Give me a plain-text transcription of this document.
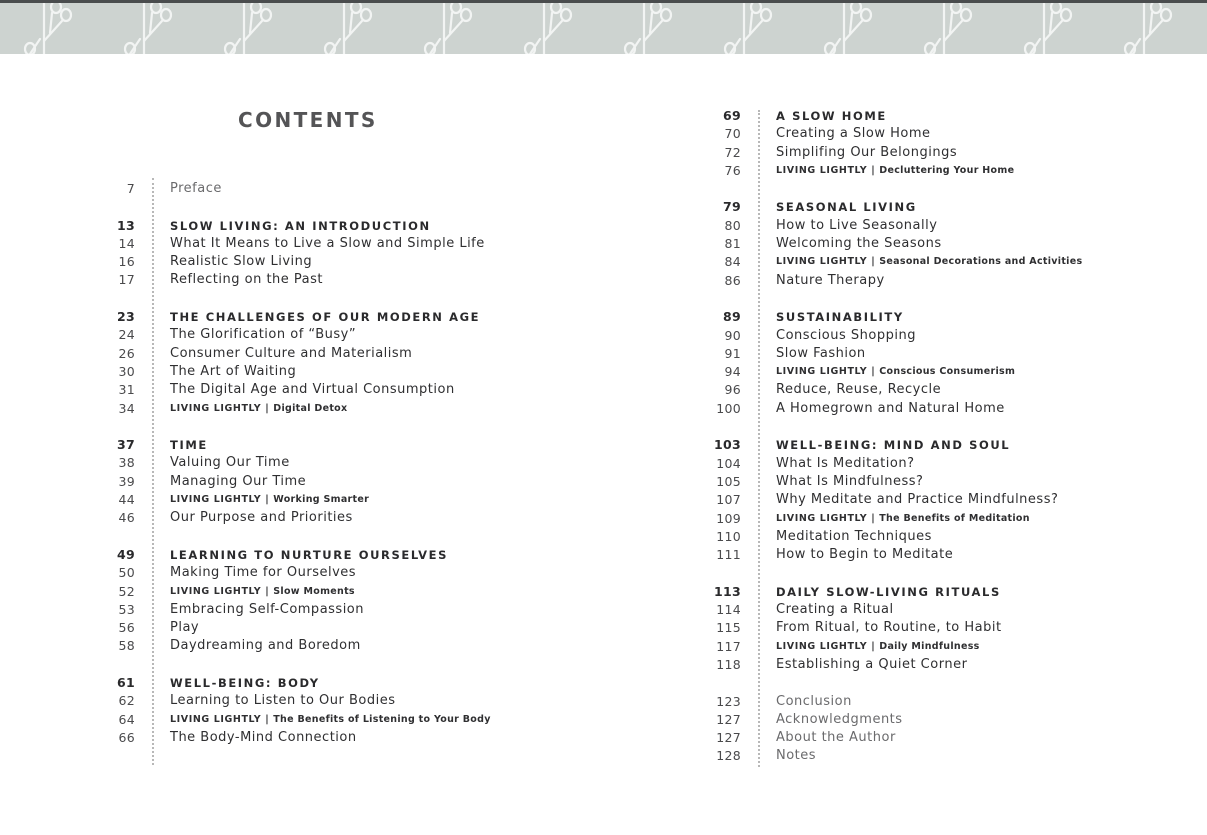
CONTENTS
7	Preface
13	SLOW LIVING: AN INTRODUCTION
14	What It Means to Live a Slow and Simple Life
16	Realistic Slow Living
17	Reflecting on the Past
23	THE CHALLENGES OF OUR MODERN AGE
24	The Glorification of “Busy”
26	Consumer Culture and Materialism
30	The Art of Waiting
31	The Digital Age and Virtual Consumption
34	LIVING LIGHTLY | Digital Detox
37	TIME
38	Valuing Our Time
39	Managing Our Time
44	LIVING LIGHTLY | Working Smarter
46	Our Purpose and Priorities
49	LEARNING TO NURTURE OURSELVES
50	Making Time for Ourselves
52	LIVING LIGHTLY | Slow Moments
53	Embracing Self-Compassion
56	Play
58	Daydreaming and Boredom
61	WELL-BEING: BODY
62	Learning to Listen to Our Bodies
64	LIVING LIGHTLY | The Benefits of Listening to Your Body
66	The Body-Mind Connection
69	A SLOW HOME
70	Creating a Slow Home
72	Simplifing Our Belongings
76	LIVING LIGHTLY | Decluttering Your Home
79	SEASONAL LIVING
80	How to Live Seasonally
81	Welcoming the Seasons
84	LIVING LIGHTLY | Seasonal Decorations and Activities
86	Nature Therapy
89	SUSTAINABILITY
90	Conscious Shopping
91	Slow Fashion
94	LIVING LIGHTLY | Conscious Consumerism
96	Reduce, Reuse, Recycle
100	A Homegrown and Natural Home
103	WELL-BEING: MIND AND SOUL
104	What Is Meditation?
105	What Is Mindfulness?
107	Why Meditate and Practice Mindfulness?
109	LIVING LIGHTLY | The Benefits of Meditation
110	Meditation Techniques
111	How to Begin to Meditate
113	DAILY SLOW-LIVING RITUALS
114	Creating a Ritual
115	From Ritual, to Routine, to Habit
117	LIVING LIGHTLY | Daily Mindfulness
118	Establishing a Quiet Corner
123	Conclusion
127	Acknowledgments
127	About the Author
128	Notes
